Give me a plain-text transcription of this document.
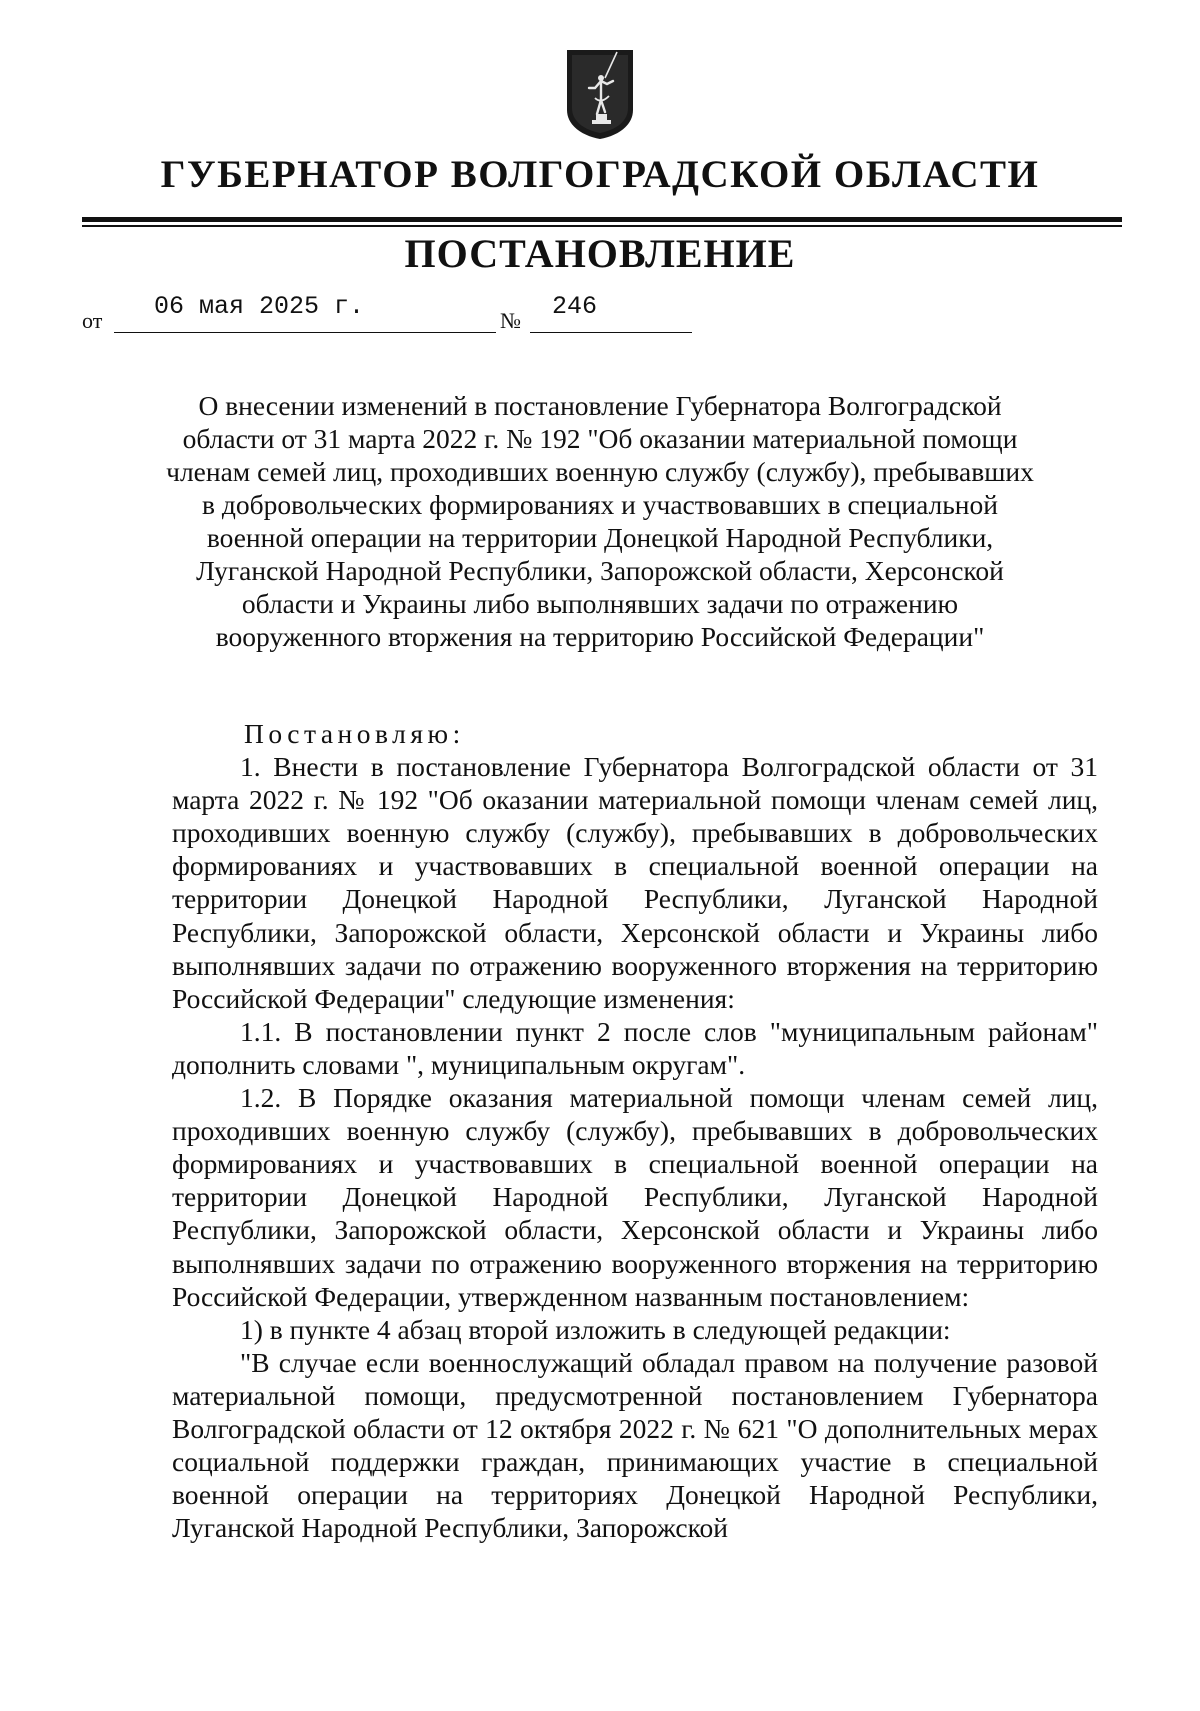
ГУБЕРНАТОР ВОЛГОГРАДСКОЙ ОБЛАСТИ
ПОСТАНОВЛЕНИЕ
от 06 мая 2025 г.	№ 246
О внесении изменений в постановление Губернатора Волгоградской области от 31 марта 2022 г. № 192 "Об оказании материальной помощи членам семей лиц, проходивших военную службу (службу), пребывавших в добровольческих формированиях и участвовавших в специальной военной операции на территории Донецкой Народной Республики, Луганской Народной Республики, Запорожской области, Херсонской области и Украины либо выполнявших задачи по отражению вооруженного вторжения на территорию Российской Федерации"

Постановляю:

1. Внести в постановление Губернатора Волгоградской области от 31 марта 2022 г. № 192 "Об оказании материальной помощи членам семей лиц, проходивших военную службу (службу), пребывавших в добровольческих формированиях и участвовавших в специальной военной операции на территории Донецкой Народной Республики, Луганской Народной Республики, Запорожской области, Херсонской области и Украины либо выполнявших задачи по отражению вооруженного вторжения на территорию Российской Федерации" следующие изменения:

1.1. В постановлении пункт 2 после слов "муниципальным районам" дополнить словами ", муниципальным округам".

1.2. В Порядке оказания материальной помощи членам семей лиц, проходивших военную службу (службу), пребывавших в добровольческих формированиях и участвовавших в специальной военной операции на территории Донецкой Народной Республики, Луганской Народной Республики, Запорожской области, Херсонской области и Украины либо выполнявших задачи по отражению вооруженного вторжения на территорию Российской Федерации, утвержденном названным постановлением:

1) в пункте 4 абзац второй изложить в следующей редакции:

"В случае если военнослужащий обладал правом на получение разовой материальной помощи, предусмотренной постановлением Губернатора Волгоградской области от 12 октября 2022 г. № 621 "О дополнительных мерах социальной поддержки граждан, принимающих участие в специальной военной операции на территориях Донецкой Народной Республики, Луганской Народной Республики, Запорожской
